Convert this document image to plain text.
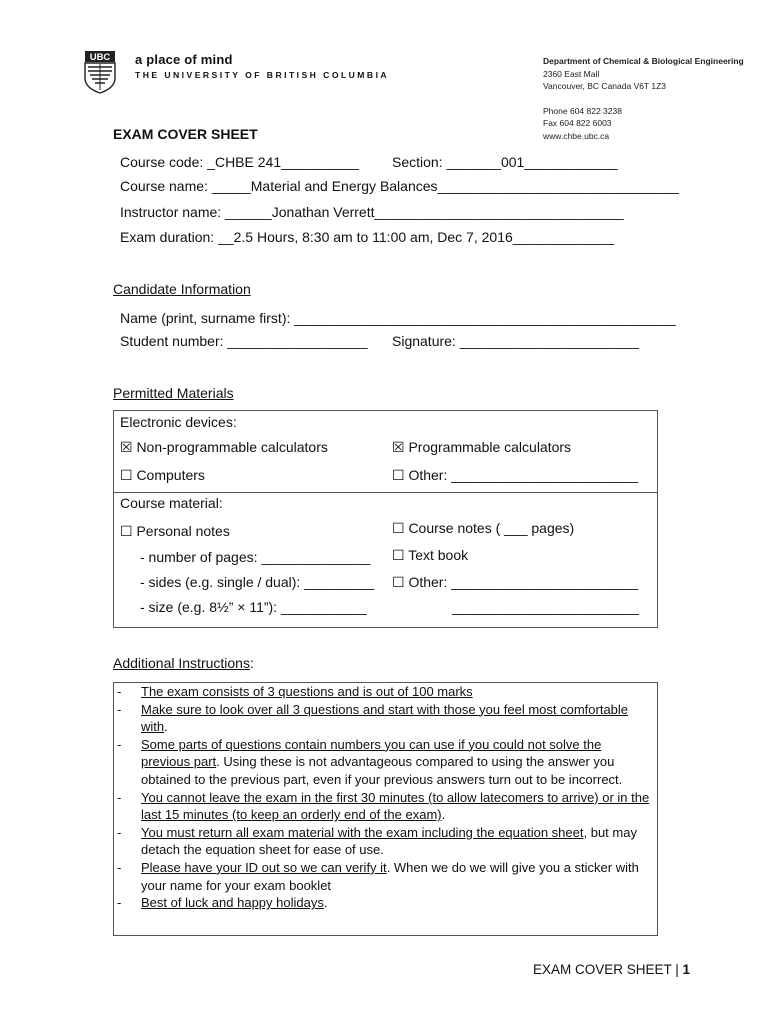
UBC a place of mind
THE UNIVERSITY OF BRITISH COLUMBIA
Department of Chemical & Biological Engineering
2360 East Mall
Vancouver, BC Canada V6T 1Z3
Phone 604 822 3238
Fax 604 822 6003
www.chbe.ubc.ca
EXAM COVER SHEET
Course code: _CHBE 241__________ Section: _______001____________
Course name: _____Material and Energy Balances_______________________________
Instructor name: ______Jonathan Verrett________________________________
Exam duration: __2.5 Hours, 8:30 am to 11:00 am, Dec 7, 2016_____________
Candidate Information
Name (print, surname first): _________________________________________________
Student number: __________________ Signature: _______________________
Permitted Materials
Electronic devices:
☒ Non-programmable calculators	☒ Programmable calculators
☐ Computers	☐ Other: ________________________
Course material:
☐ Personal notes	☐ Course notes ( ___ pages)
- number of pages: ______________ ☐ Text book
- sides (e.g. single / dual): _________ ☐ Other: ________________________
- size (e.g. 8½” × 11”): ___________	________________________
Additional Instructions:
-	The exam consists of 3 questions and is out of 100 marks
-	Make sure to look over all 3 questions and start with those you feel most comfortable with.
-	Some parts of questions contain numbers you can use if you could not solve the previous part. Using these is not advantageous compared to using the answer you obtained to the previous part, even if your previous answers turn out to be incorrect.
-	You cannot leave the exam in the first 30 minutes (to allow latecomers to arrive) or in the last 15 minutes (to keep an orderly end of the exam).
-	You must return all exam material with the exam including the equation sheet, but may detach the equation sheet for ease of use.
-	Please have your ID out so we can verify it. When we do we will give you a sticker with your name for your exam booklet
-	Best of luck and happy holidays.
EXAM COVER SHEET | 1
